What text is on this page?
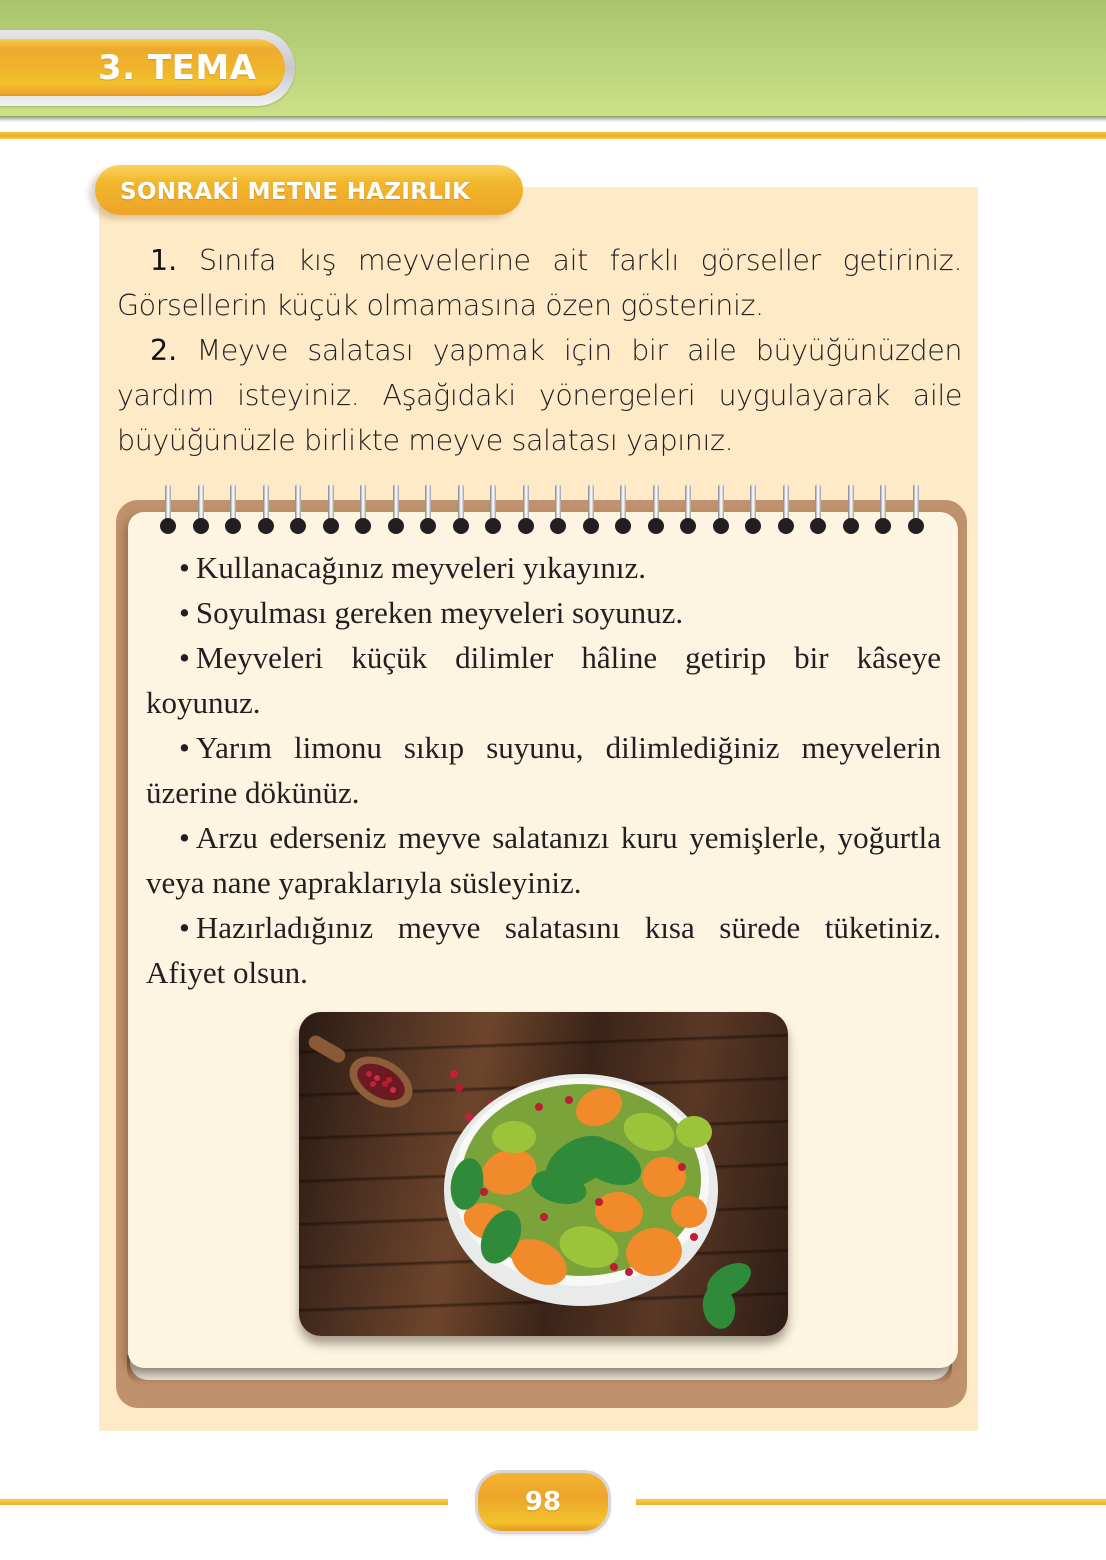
3. TEMA
SONRAKİ METNE HAZIRLIK

1. Sınıfa kış meyvelerine ait farklı görseller getiriniz. Görsellerin küçük olmamasına özen gösteriniz.

2. Meyve salatası yapmak için bir aile büyüğünüzden yardım isteyiniz. Aşağıdaki yönergeleri uygulayarak aile büyüğünüzle birlikte meyve salatası yapınız.

• Kullanacağınız meyveleri yıkayınız.

• Soyulması gereken meyveleri soyunuz.

• Meyveleri küçük dilimler hâline getirip bir kâseye koyunuz.

• Yarım limonu sıkıp suyunu, dilimlediğiniz meyvelerin üzerine dökünüz.

• Arzu ederseniz meyve salatanızı kuru yemişlerle, yoğurtla veya nane yapraklarıyla süsleyiniz.

• Hazırladığınız meyve salatasını kısa sürede tüketiniz. Afiyet olsun.

98
